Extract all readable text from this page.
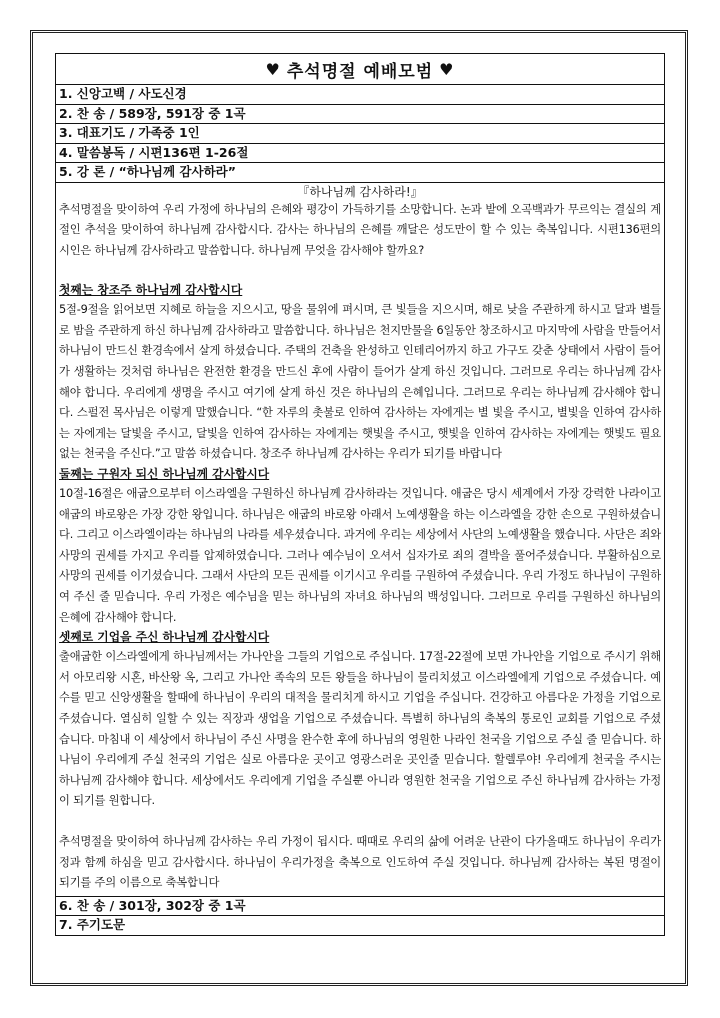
♥ 추석명절 예배모범 ♥
1. 신앙고백 / 사도신경
2. 찬 송 / 589장, 591장 중 1곡
3. 대표기도 / 가족중 1인
4. 말씀봉독 / 시편136편 1-26절
5. 강 론 / “하나님께 감사하라”
『하나님께 감사하라!』

추석명절을 맞이하여 우리 가정에 하나님의 은혜와 평강이 가득하기를 소망합니다. 논과 밭에 오곡백과가 무르익는 결실의 계절인 추석을 맞이하여 하나님께 감사합시다. 감사는 하나님의 은혜를 깨달은 성도만이 할 수 있는 축복입니다. 시편136편의 시인은 하나님께 감사하라고 말씀합니다. 하나님께 무엇을 감사해야 할까요?

첫째는 창조주 하나님께 감사합시다

5절-9절을 읽어보면 지혜로 하늘을 지으시고, 땅을 물위에 펴시며, 큰 빛들을 지으시며, 해로 낮을 주관하게 하시고 달과 별들로 밤을 주관하게 하신 하나님께 감사하라고 말씀합니다. 하나님은 천지만물을 6일동안 창조하시고 마지막에 사람을 만들어서 하나님이 만드신 환경속에서 살게 하셨습니다. 주택의 건축을 완성하고 인테리어까지 하고 가구도 갖춘 상태에서 사람이 들어가 생활하는 것처럼 하나님은 완전한 환경을 만드신 후에 사람이 들어가 살게 하신 것입니다. 그러므로 우리는 하나님께 감사해야 합니다. 우리에게 생명을 주시고 여기에 살게 하신 것은 하나님의 은혜입니다. 그러므로 우리는 하나님께 감사해야 합니다. 스펄전 목사님은 이렇게 말했습니다. “한 자루의 촛불로 인하여 감사하는 자에게는 별 빛을 주시고, 별빛을 인하여 감사하는 자에게는 달빛을 주시고, 달빛을 인하여 감사하는 자에게는 햇빛을 주시고, 햇빛을 인하여 감사하는 자에게는 햇빛도 필요 없는 천국을 주신다.”고 말씀 하셨습니다. 창조주 하나님께 감사하는 우리가 되기를 바랍니다

둘째는 구원자 되신 하나님께 감사합시다

10절-16절은 애굽으로부터 이스라엘을 구원하신 하나님께 감사하라는 것입니다. 애굽은 당시 세계에서 가장 강력한 나라이고 애굽의 바로왕은 가장 강한 왕입니다. 하나님은 애굽의 바로왕 아래서 노예생활을 하는 이스라엘을 강한 손으로 구원하셨습니다. 그리고 이스라엘이라는 하나님의 나라를 세우셨습니다. 과거에 우리는 세상에서 사단의 노예생활을 했습니다. 사단은 죄와 사망의 권세를 가지고 우리를 압제하였습니다. 그러나 예수님이 오셔서 십자가로 죄의 결박을 풀어주셨습니다. 부활하심으로 사망의 권세를 이기셨습니다. 그래서 사단의 모든 권세를 이기시고 우리를 구원하여 주셨습니다. 우리 가정도 하나님이 구원하여 주신 줄 믿습니다. 우리 가정은 예수님을 믿는 하나님의 자녀요 하나님의 백성입니다. 그러므로 우리를 구원하신 하나님의 은혜에 감사해야 합니다.

셋째로 기업을 주신 하나님께 감사합시다

출애굽한 이스라엘에게 하나님께서는 가나안을 그들의 기업으로 주십니다. 17절-22절에 보면 가나안을 기업으로 주시기 위해서 아모리왕 시혼, 바산왕 옥, 그리고 가나안 족속의 모든 왕들을 하나님이 물리치셨고 이스라엘에게 기업으로 주셨습니다. 예수를 믿고 신앙생활을 할때에 하나님이 우리의 대적을 물리치게 하시고 기업을 주십니다. 건강하고 아름다운 가정을 기업으로 주셨습니다. 열심히 일할 수 있는 직장과 생업을 기업으로 주셨습니다. 특별히 하나님의 축복의 통로인 교회를 기업으로 주셨습니다. 마침내 이 세상에서 하나님이 주신 사명을 완수한 후에 하나님의 영원한 나라인 천국을 기업으로 주실 줄 믿습니다. 하나님이 우리에게 주실 천국의 기업은 실로 아름다운 곳이고 영광스러운 곳인줄 믿습니다. 할렐루야! 우리에게 천국을 주시는 하나님께 감사해야 합니다. 세상에서도 우리에게 기업을 주실뿐 아니라 영원한 천국을 기업으로 주신 하나님께 감사하는 가정이 되기를 원합니다.

추석명절을 맞이하여 하나님께 감사하는 우리 가정이 됩시다. 때때로 우리의 삶에 어려운 난관이 다가올때도 하나님이 우리가정과 함께 하심을 믿고 감사합시다. 하나님이 우리가정을 축복으로 인도하여 주실 것입니다. 하나님께 감사하는 복된 명절이 되기를 주의 이름으로 축복합니다

6. 찬 송 / 301장, 302장 중 1곡
7. 주기도문
